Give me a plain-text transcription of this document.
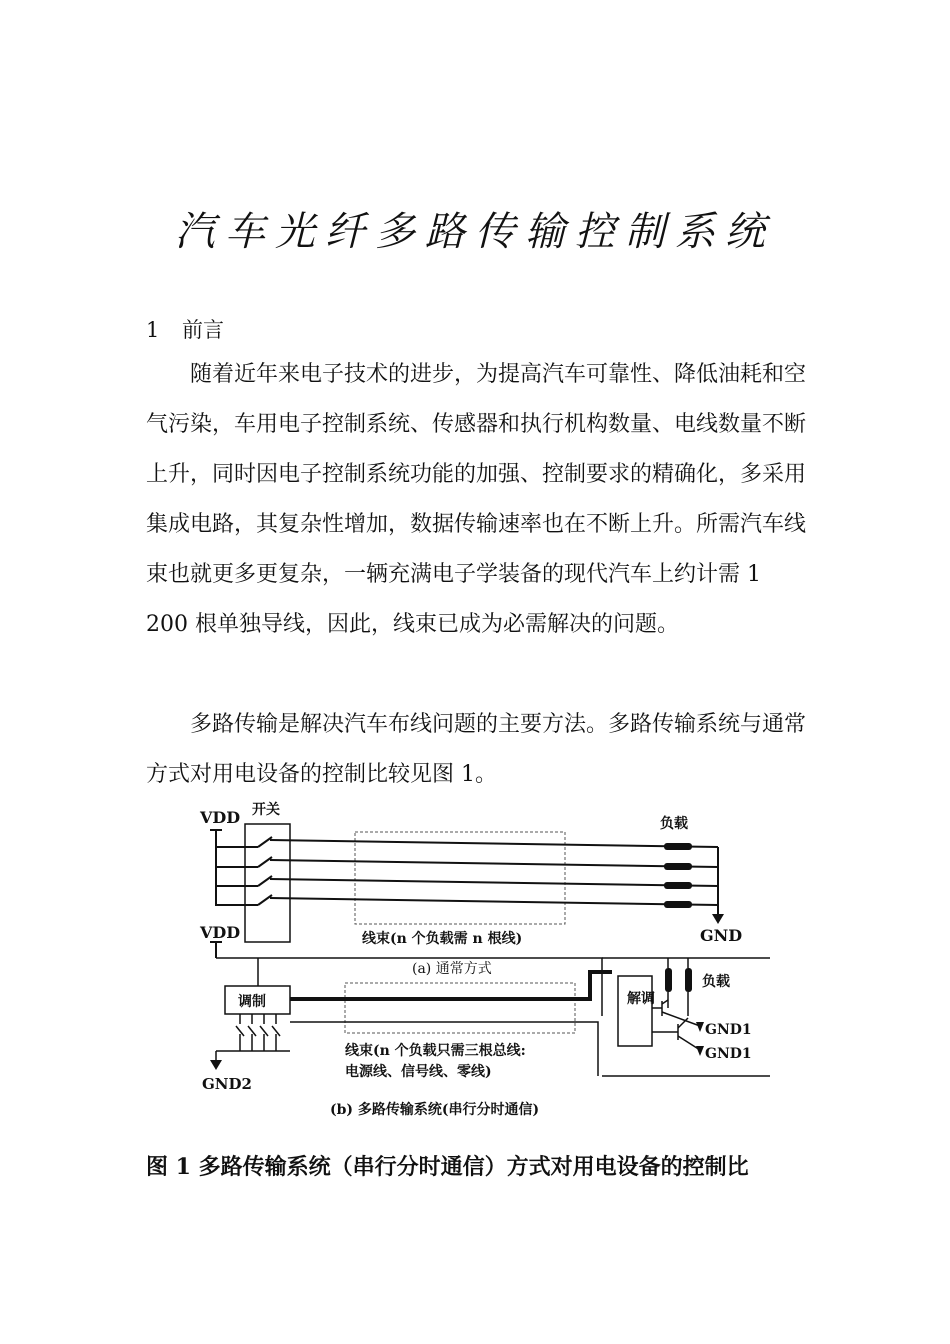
汽车光纤多路传输控制系统
1 前言

随着近年来电子技术的进步，为提高汽车可靠性、降低油耗和空气污染，车用电子控制系统、传感器和执行机构数量、电线数量不断上升，同时因电子控制系统功能的加强、控制要求的精确化，多采用集成电路，其复杂性增加，数据传输速率也在不断上升。所需汽车线束也就更多更复杂，一辆充满电子学装备的现代汽车上约计需 1 200 根单独导线，因此，线束已成为必需解决的问题。

多路传输是解决汽车布线问题的主要方法。多路传输系统与通常方式对用电设备的控制比较见图 1。

VDD 开关
负载
GND
VDD	线束(n 个负载需 n 根线)
(a) 通常方式
调制
GND2
解调
负载
GND1
GND1
线束(n 个负载只需三根总线:
电源线、信号线、零线)
(b) 多路传输系统(串行分时通信)
图 1 多路传输系统（串行分时通信）方式对用电设备的控制比
